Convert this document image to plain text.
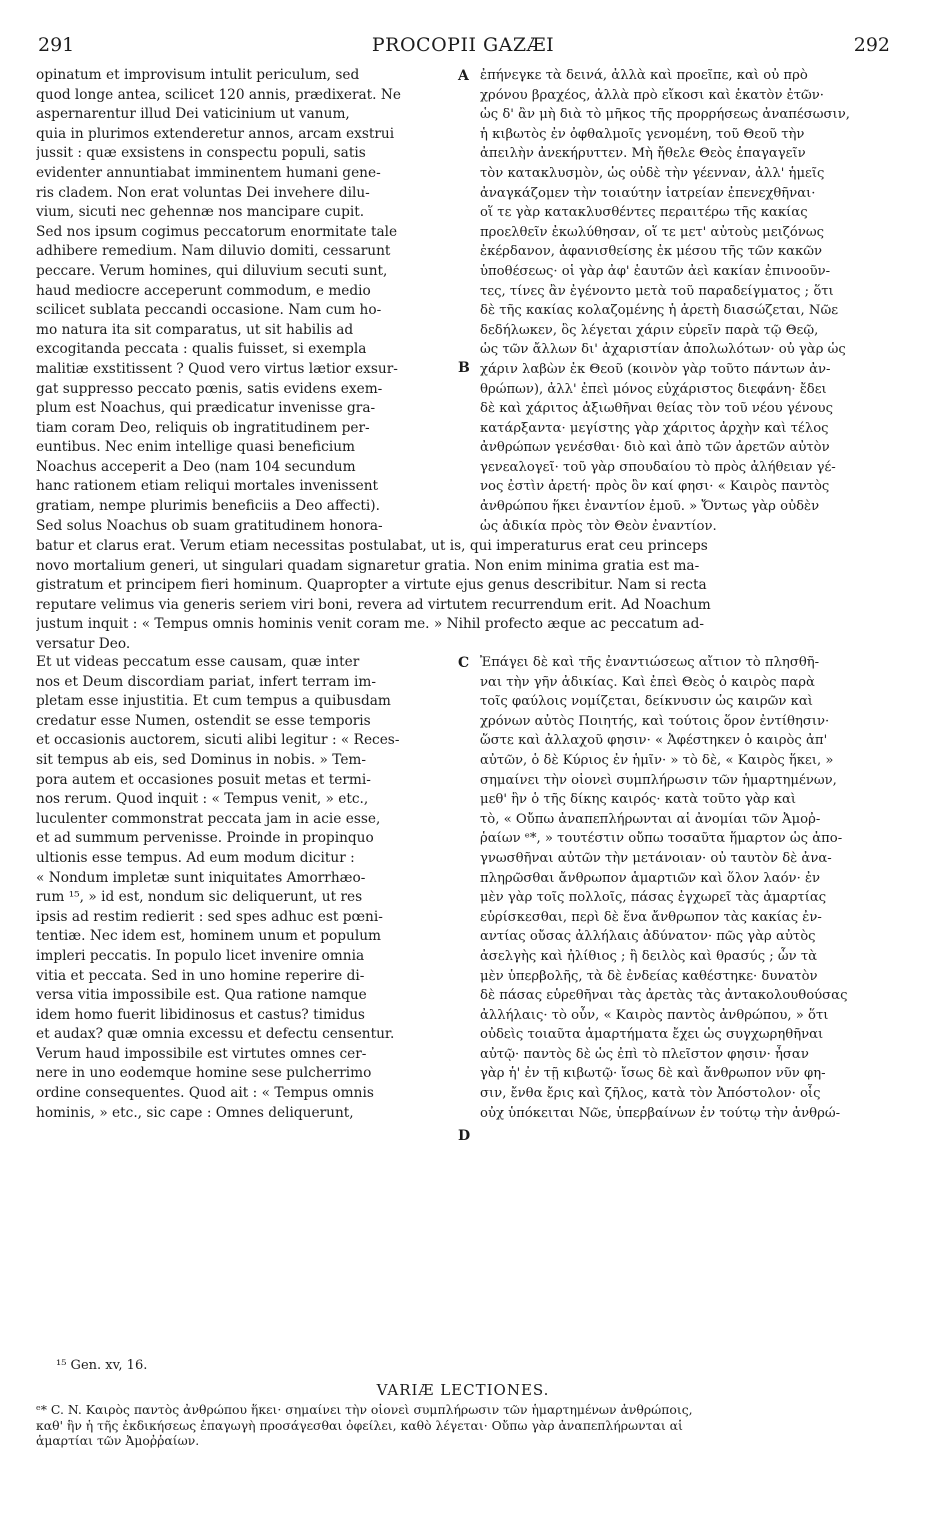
291	PROCOPII GAZÆI	292
opinatum et improvisum intulit periculum, sed
quod longe antea, scilicet 120 annis, prædixerat. Ne
aspernarentur illud Dei vaticinium ut vanum,
quia in plurimos extenderetur annos, arcam exstrui
jussit : quæ exsistens in conspectu populi, satis
evidenter annuntiabat imminentem humani gene-
ris cladem. Non erat voluntas Dei invehere dilu-
vium, sicuti nec gehennæ nos mancipare cupit.
Sed nos ipsum cogimus peccatorum enormitate tale
adhibere remedium. Nam diluvio domiti, cessarunt
peccare. Verum homines, qui diluvium secuti sunt,
haud mediocre acceperunt commodum, e medio
scilicet sublata peccandi occasione. Nam cum ho-
mo natura ita sit comparatus, ut sit habilis ad
excogitanda peccata : qualis fuisset, si exempla
malitiæ exstitissent ? Quod vero virtus lætior exsur-
gat suppresso peccato pœnis, satis evidens exem-
plum est Noachus, qui prædicatur invenisse gra-
tiam coram Deo, reliquis ob ingratitudinem per-
euntibus. Nec enim intellige quasi beneficium
Noachus acceperit a Deo (nam 104 secundum
hanc rationem etiam reliqui mortales invenissent
gratiam, nempe plurimis beneficiis a Deo affecti).
Sed solus Noachus ob suam gratitudinem honora-
ἐπήνεγκε τὰ δεινά, ἀλλὰ καὶ προεῖπε, καὶ οὐ πρὸ
χρόνου βραχέος, ἀλλὰ πρὸ εἴκοσι καὶ ἑκατὸν ἐτῶν·
ὡς δ' ἂν μὴ διὰ τὸ μῆκος τῆς προρρήσεως ἀναπέσωσιν,
ἡ κιβωτὸς ἐν ὀφθαλμοῖς γενομένη, τοῦ Θεοῦ τὴν
ἀπειλὴν ἀνεκήρυττεν. Μὴ ἤθελε Θεὸς ἐπαγαγεῖν
τὸν κατακλυσμὸν, ὡς οὐδὲ τὴν γέενναν, ἀλλ' ἡμεῖς
ἀναγκάζομεν τὴν τοιαύτην ἰατρείαν ἐπενεχθῆναι·
οἵ τε γὰρ κατακλυσθέντες περαιτέρω τῆς κακίας
προελθεῖν ἐκωλύθησαν, οἵ τε μετ' αὐτοὺς μειζόνως
ἐκέρδανον, ἀφανισθείσης ἐκ μέσου τῆς τῶν κακῶν
ὑποθέσεως· οἱ γὰρ ἀφ' ἑαυτῶν ἀεὶ κακίαν ἐπινοοῦν-
τες, τίνες ἂν ἐγένοντο μετὰ τοῦ παραδείγματος ; ὅτι
δὲ τῆς κακίας κολαζομένης ἡ ἀρετὴ διασώζεται, Νῶε
δεδήλωκεν, ὃς λέγεται χάριν εὑρεῖν παρὰ τῷ Θεῷ,
ὡς τῶν ἄλλων δι' ἀχαριστίαν ἀπολωλότων· οὐ γὰρ ὡς
χάριν λαβὼν ἐκ Θεοῦ (κοινὸν γὰρ τοῦτο πάντων ἀν-
θρώπων), ἀλλ' ἐπεὶ μόνος εὐχάριστος διεφάνη· ἔδει
δὲ καὶ χάριτος ἀξιωθῆναι θείας τὸν τοῦ νέου γένους
κατάρξαντα· μεγίστης γὰρ χάριτος ἀρχὴν καὶ τέλος
ἀνθρώπων γενέσθαι· διὸ καὶ ἀπὸ τῶν ἀρετῶν αὐτὸν
γενεαλογεῖ· τοῦ γὰρ σπουδαίου τὸ πρὸς ἀλήθειαν γέ-
νος ἐστὶν ἀρετή· πρὸς ὃν καί φησι· « Καιρὸς παντὸς
ἀνθρώπου ἥκει ἐναντίον ἐμοῦ. » Ὄντως γὰρ οὐδὲν
ὡς ἀδικία πρὸς τὸν Θεὸν ἐναντίον.
A
B
batur et clarus erat. Verum etiam necessitas postulabat, ut is, qui imperaturus erat ceu princeps
novo mortalium generi, ut singulari quadam signaretur gratia. Non enim minima gratia est ma-
gistratum et principem fieri hominum. Quapropter a virtute ejus genus describitur. Nam si recta
reputare velimus via generis seriem viri boni, revera ad virtutem recurrendum erit. Ad Noachum
justum inquit : « Tempus omnis hominis venit coram me. » Nihil profecto æque ac peccatum ad-
versatur Deo.
Et ut videas peccatum esse causam, quæ inter
nos et Deum discordiam pariat, infert terram im-
pletam esse injustitia. Et cum tempus a quibusdam
credatur esse Numen, ostendit se esse temporis
et occasionis auctorem, sicuti alibi legitur : « Reces-
sit tempus ab eis, sed Dominus in nobis. » Tem-
pora autem et occasiones posuit metas et termi-
nos rerum. Quod inquit : « Tempus venit, » etc.,
luculenter commonstrat peccata jam in acie esse,
et ad summum pervenisse. Proinde in propinquo
ultionis esse tempus. Ad eum modum dicitur :
« Nondum impletæ sunt iniquitates Amorrhæo-
rum ¹⁵, » id est, nondum sic deliquerunt, ut res
ipsis ad restim redierit : sed spes adhuc est pœni-
tentiæ. Nec idem est, hominem unum et populum
impleri peccatis. In populo licet invenire omnia
vitia et peccata. Sed in uno homine reperire di-
versa vitia impossibile est. Qua ratione namque
idem homo fuerit libidinosus et castus? timidus
et audax? quæ omnia excessu et defectu censentur.
Verum haud impossibile est virtutes omnes cer-
nere in uno eodemque homine sese pulcherrimo
ordine consequentes. Quod ait : « Tempus omnis
hominis, » etc., sic cape : Omnes deliquerunt,
Ἐπάγει δὲ καὶ τῆς ἐναντιώσεως αἴτιον τὸ πλησθῆ-
ναι τὴν γῆν ἀδικίας. Καὶ ἐπεὶ Θεὸς ὁ καιρὸς παρὰ
τοῖς φαύλοις νομίζεται, δείκνυσιν ὡς καιρῶν καὶ
χρόνων αὐτὸς Ποιητής, καὶ τούτοις ὅρον ἐντίθησιν·
ὥστε καὶ ἀλλαχοῦ φησιν· « Ἀφέστηκεν ὁ καιρὸς ἀπ'
αὐτῶν, ὁ δὲ Κύριος ἐν ἡμῖν· » τὸ δὲ, « Καιρὸς ἥκει, »
σημαίνει τὴν οἱονεὶ συμπλήρωσιν τῶν ἡμαρτημένων,
μεθ' ἣν ὁ τῆς δίκης καιρός· κατὰ τοῦτο γὰρ καὶ
τὸ, « Οὔπω ἀναπεπλήρωνται αἱ ἀνομίαι τῶν Ἀμοῤ-
ῥαίων ᵉ*, » τουτέστιν οὔπω τοσαῦτα ἥμαρτον ὡς ἀπο-
γνωσθῆναι αὐτῶν τὴν μετάνοιαν· οὐ ταυτὸν δὲ ἀνα-
πληρῶσθαι ἄνθρωπον ἁμαρτιῶν καὶ ὅλον λαόν· ἐν
μὲν γὰρ τοῖς πολλοῖς, πάσας ἐγχωρεῖ τὰς ἁμαρτίας
εὑρίσκεσθαι, περὶ δὲ ἕνα ἄνθρωπον τὰς κακίας ἐν-
αντίας οὔσας ἀλλήλαις ἀδύνατον· πῶς γὰρ αὐτὸς
ἀσελγὴς καὶ ἠλίθιος ; ἢ δειλὸς καὶ θρασύς ; ὧν τὰ
μὲν ὑπερβολῆς, τὰ δὲ ἐνδείας καθέστηκε· δυνατὸν
δὲ πάσας εὑρεθῆναι τὰς ἀρετὰς τὰς ἀντακολουθούσας
ἀλλήλαις· τὸ οὖν, « Καιρὸς παντὸς ἀνθρώπου, » ὅτι
οὐδεὶς τοιαῦτα ἁμαρτήματα ἔχει ὡς συγχωρηθῆναι
αὐτῷ· παντὸς δὲ ὡς ἐπὶ τὸ πλεῖστον φησιν· ἦσαν
γὰρ ἡ' ἐν τῇ κιβωτῷ· ἴσως δὲ καὶ ἄνθρωπον νῦν φη-
σιν, ἔνθα ἔρις καὶ ζῆλος, κατὰ τὸν Ἀπόστολον· οἷς
οὐχ ὑπόκειται Νῶε, ὑπερβαίνων ἐν τούτῳ τὴν ἀνθρώ-
C
D
¹⁵ Gen. xv, 16.
VARIÆ LECTIONES.
ᵉ* C. N. Καιρὸς παντὸς ἀνθρώπου ἥκει· σημαίνει τὴν οἱονεὶ συμπλήρωσιν τῶν ἡμαρτημένων ἀνθρώποις,
καθ' ἣν ἡ τῆς ἐκδικήσεως ἐπαγωγὴ προσάγεσθαι ὀφείλει, καθὸ λέγεται· Οὔπω γὰρ ἀναπεπλήρωνται αἱ
ἁμαρτίαι τῶν Ἀμοῤῥαίων.
